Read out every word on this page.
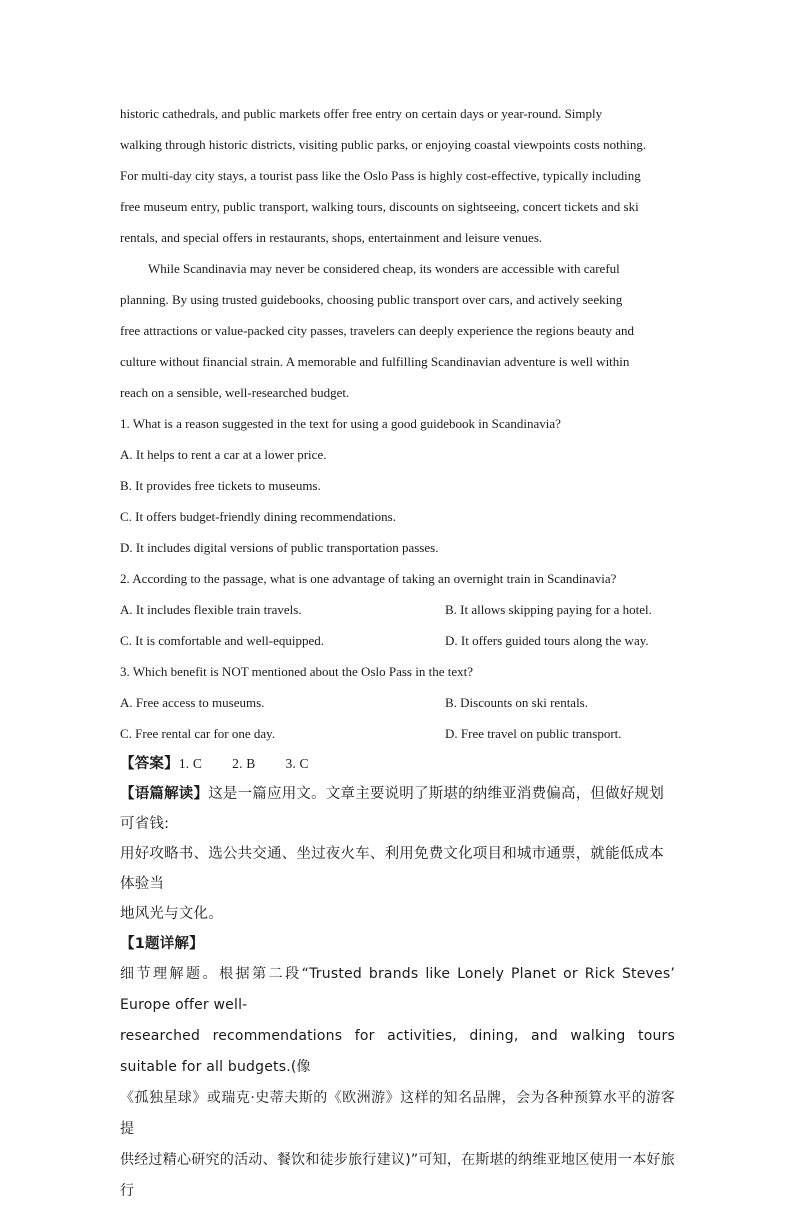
historic cathedrals, and public markets offer free entry on certain days or year-round. Simply

walking through historic districts, visiting public parks, or enjoying coastal viewpoints costs nothing.

For multi-day city stays, a tourist pass like the Oslo Pass is highly cost-effective, typically including

free museum entry, public transport, walking tours, discounts on sightseeing, concert tickets and ski

rentals, and special offers in restaurants, shops, entertainment and leisure venues.

While Scandinavia may never be considered cheap, its wonders are accessible with careful

planning. By using trusted guidebooks, choosing public transport over cars, and actively seeking

free attractions or value-packed city passes, travelers can deeply experience the regions beauty and

culture without financial strain. A memorable and fulfilling Scandinavian adventure is well within

reach on a sensible, well-researched budget.

1. What is a reason suggested in the text for using a good guidebook in Scandinavia?

A. It helps to rent a car at a lower price.

B. It provides free tickets to museums.

C. It offers budget-friendly dining recommendations.

D. It includes digital versions of public transportation passes.

2. According to the passage, what is one advantage of taking an overnight train in Scandinavia?

A. It includes flexible train travels.	B. It allows skipping paying for a hotel.
C. It is comfortable and well-equipped.	D. It offers guided tours along the way.

3. Which benefit is NOT mentioned about the Oslo Pass in the text?

A. Free access to museums.	B. Discounts on ski rentals.
C. Free rental car for one day.	D. Free travel on public transport.
【答案】 1. C 2. B 3. C
【语篇解读】这是一篇应用文。文章主要说明了斯堪的纳维亚消费偏高，但做好规划可省钱:
用好攻略书、选公共交通、坐过夜火车、利用免费文化项目和城市通票，就能低成本体验当
地风光与文化。
【1题详解】

细节理解题。根据第二段“Trusted brands like Lonely Planet or Rick Steves’ Europe offer well-

researched recommendations for activities, dining, and walking tours suitable for all budgets.(像

《孤独星球》或瑞克·史蒂夫斯的《欧洲游》这样的知名品牌，会为各种预算水平的游客提

供经过精心研究的活动、餐饮和徒步旅行建议)”可知，在斯堪的纳维亚地区使用一本好旅行
